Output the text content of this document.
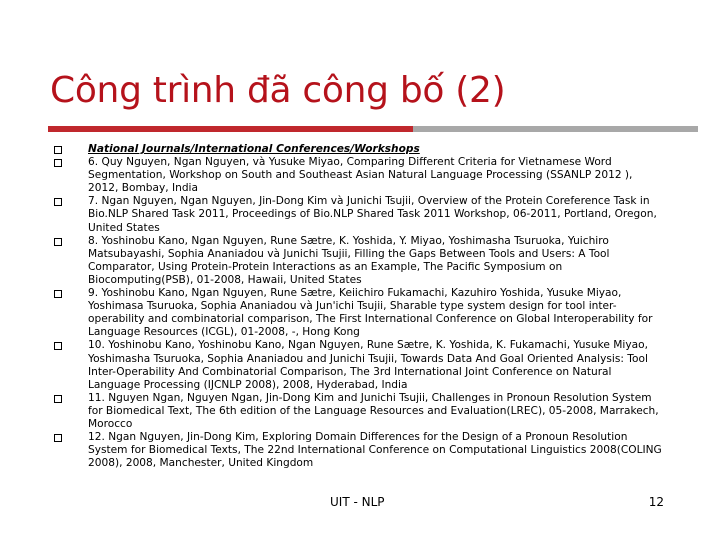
Công trình đã công bố (2)
National Journals/International Conferences/Workshops
6. Quy Nguyen, Ngan Nguyen, và Yusuke Miyao, Comparing Different Criteria for Vietnamese Word Segmentation, Workshop on South and Southeast Asian Natural Language Processing (SSANLP 2012 ), 2012, Bombay, India
7. Ngan Nguyen, Ngan Nguyen, Jin-Dong Kim và Junichi Tsujii, Overview of the Protein Coreference Task in Bio.NLP Shared Task 2011, Proceedings of Bio.NLP Shared Task 2011 Workshop, 06-2011, Portland, Oregon, United States
8. Yoshinobu Kano, Ngan Nguyen, Rune Sætre, K. Yoshida, Y. Miyao, Yoshimasha Tsuruoka, Yuichiro Matsubayashi, Sophia Ananiadou và Junichi Tsujii, Filling the Gaps Between Tools and Users: A Tool Comparator, Using Protein-Protein Interactions as an Example, The Pacific Symposium on Biocomputing(PSB), 01-2008, Hawaii, United States
9. Yoshinobu Kano, Ngan Nguyen, Rune Sætre, Keiichiro Fukamachi, Kazuhiro Yoshida, Yusuke Miyao, Yoshimasa Tsuruoka, Sophia Ananiadou và Jun'ichi Tsujii, Sharable type system design for tool inter-operability and combinatorial comparison, The First International Conference on Global Interoperability for Language Resources (ICGL), 01-2008, -, Hong Kong
10. Yoshinobu Kano, Yoshinobu Kano, Ngan Nguyen, Rune Sætre, K. Yoshida, K. Fukamachi, Yusuke Miyao, Yoshimasha Tsuruoka, Sophia Ananiadou and Junichi Tsujii, Towards Data And Goal Oriented Analysis: Tool Inter-Operability And Combinatorial Comparison, The 3rd International Joint Conference on Natural Language Processing (IJCNLP 2008), 2008, Hyderabad, India
11. Nguyen Ngan, Nguyen Ngan, Jin-Dong Kim and Junichi Tsujii, Challenges in Pronoun Resolution System for Biomedical Text, The 6th edition of the Language Resources and Evaluation(LREC), 05-2008, Marrakech, Morocco
12. Ngan Nguyen, Jin-Dong Kim, Exploring Domain Differences for the Design of a Pronoun Resolution System for Biomedical Texts, The 22nd International Conference on Computational Linguistics 2008(COLING 2008), 2008, Manchester, United Kingdom
UIT - NLP	12
